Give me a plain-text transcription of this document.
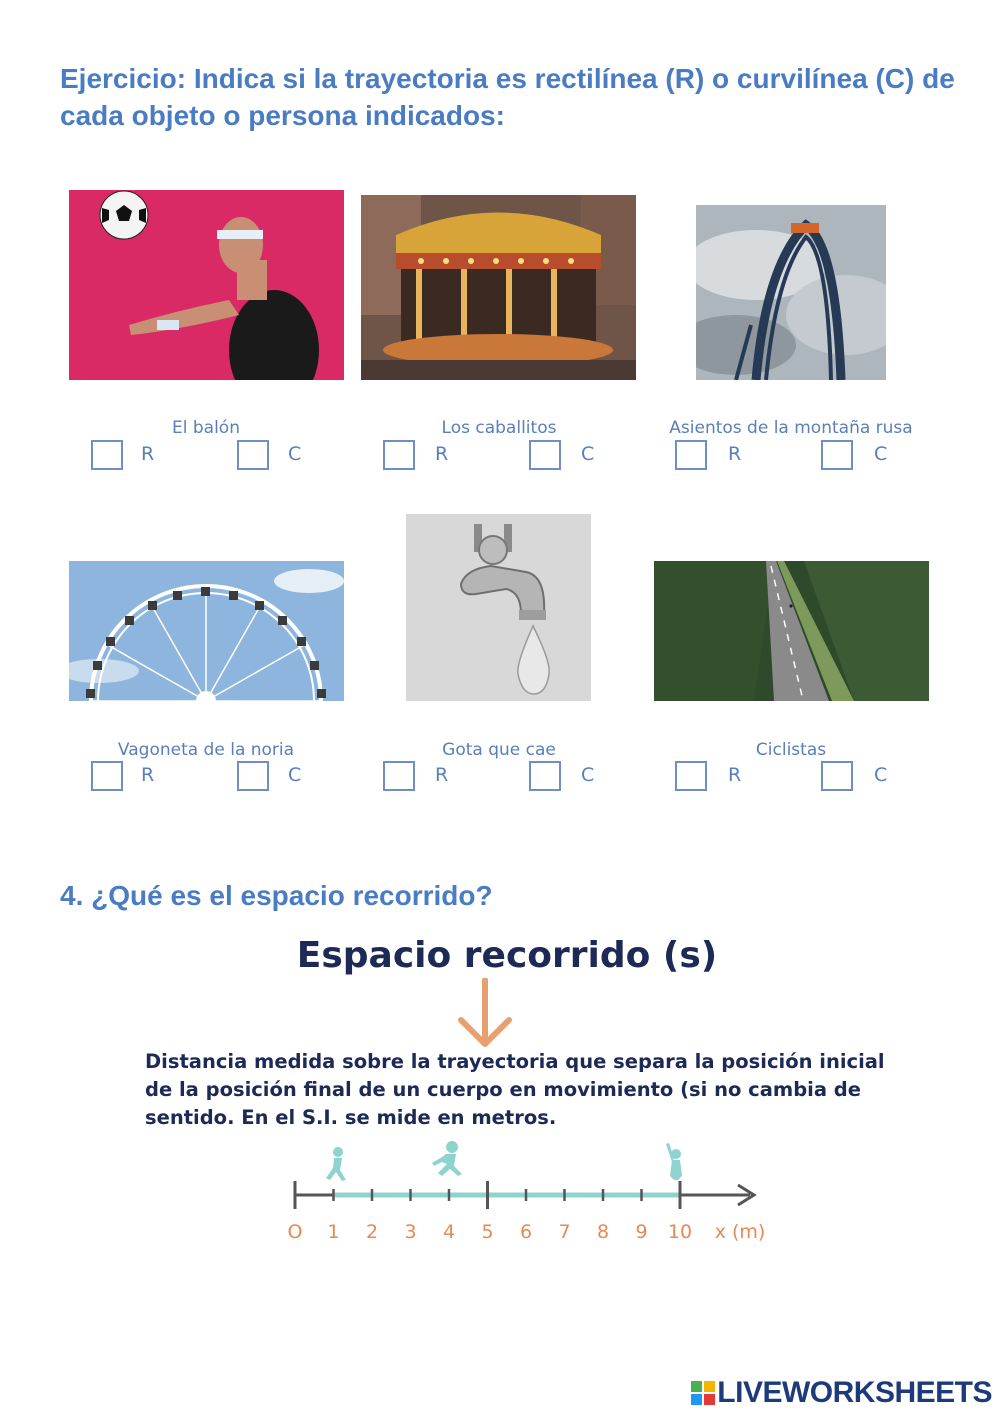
Ejercicio: Indica si la trayectoria es rectilínea (R) o curvilínea (C) de cada objeto o persona indicados:
El balón
R	C
Los caballitos
R	C
Asientos de la montaña rusa
R	C
Vagoneta de la noria
R	C
Gota que cae
R	C
Ciclistas
R	C
4. ¿Qué es el espacio recorrido?
Espacio recorrido (s)
Distancia medida sobre la trayectoria que separa la posición inicial de la posición final de un cuerpo en movimiento (si no cambia de sentido. En el S.I. se mide en metros.
O 1 2 3 4 5 6 7 8 9 10 x (m)
LIVEWORKSHEETS
